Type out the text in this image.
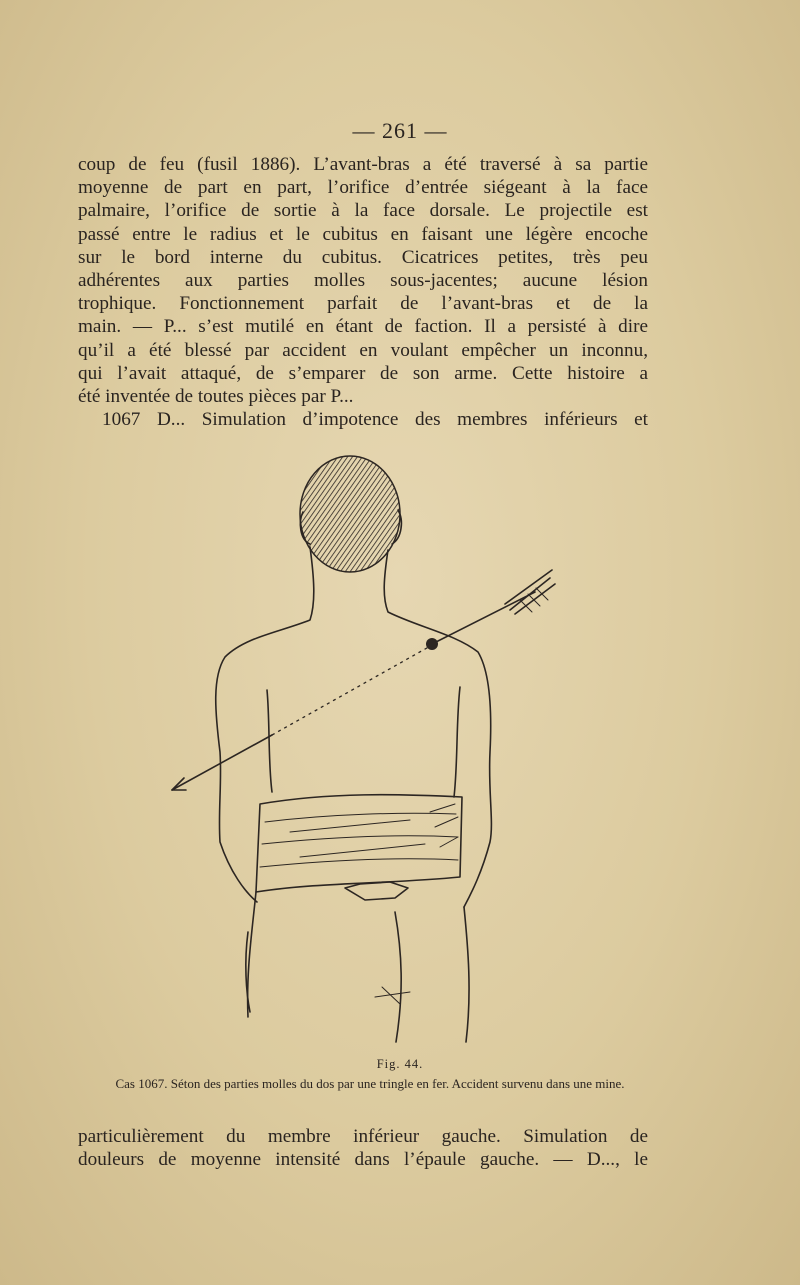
— 261 —
coup de feu (fusil 1886). L’avant-bras a été traversé à sa partie
moyenne de part en part, l’orifice d’entrée siégeant à la face
palmaire, l’orifice de sortie à la face dorsale. Le projectile est
passé entre le radius et le cubitus en faisant une légère encoche
sur le bord interne du cubitus. Cicatrices petites, très peu
adhérentes aux parties molles sous-jacentes; aucune lésion
trophique. Fonctionnement parfait de l’avant-bras et de la
main. — P... s’est mutilé en étant de faction. Il a persisté à dire
qu’il a été blessé par accident en voulant empêcher un inconnu,
qui l’avait attaqué, de s’emparer de son arme. Cette histoire a
été inventée de toutes pièces par P...
1067 D... Simulation d’impotence des membres inférieurs et
Fig. 44.
Cas 1067. Séton des parties molles du dos par une tringle en fer. Accident survenu dans une mine.
particulièrement du membre inférieur gauche. Simulation de
douleurs de moyenne intensité dans l’épaule gauche. — D..., le
